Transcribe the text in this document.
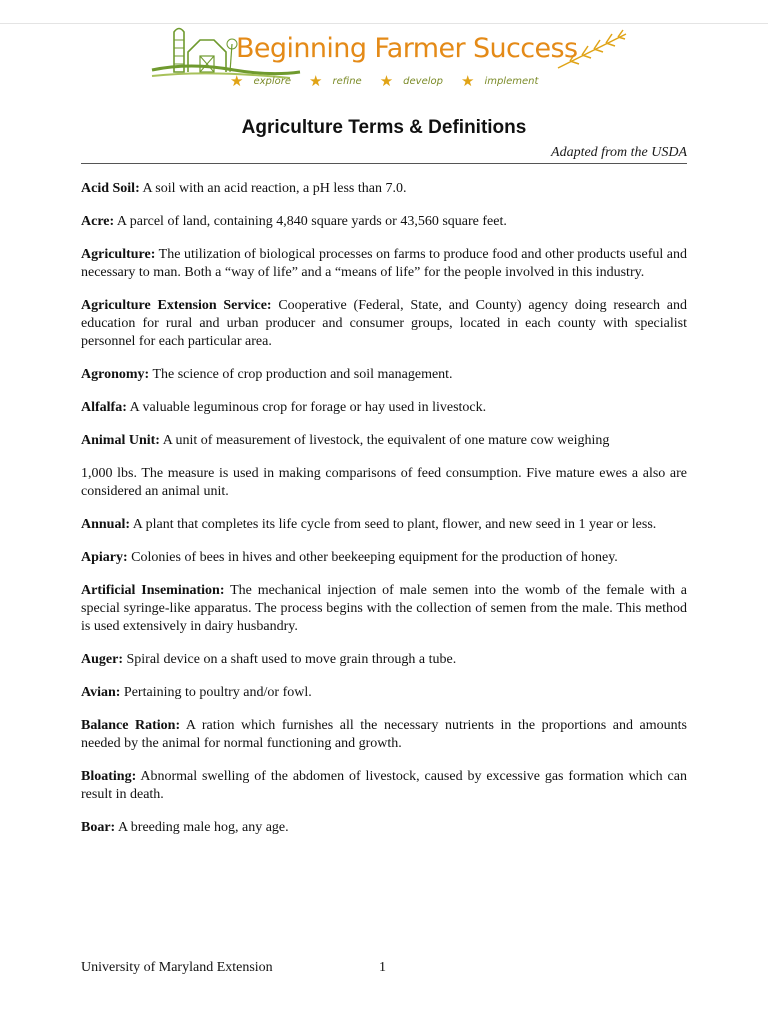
Beginning Farmer Success
★ explore ★ refine ★ develop ★ implement
Agriculture Terms & Definitions
Adapted from the USDA

Acid Soil: A soil with an acid reaction, a pH less than 7.0.

Acre: A parcel of land, containing 4,840 square yards or 43,560 square feet.

Agriculture: The utilization of biological processes on farms to produce food and other products useful and necessary to man. Both a “way of life” and a “means of life” for the people involved in this industry.

Agriculture Extension Service: Cooperative (Federal, State, and County) agency doing research and education for rural and urban producer and consumer groups, located in each county with specialist personnel for each particular area.

Agronomy: The science of crop production and soil management.

Alfalfa: A valuable leguminous crop for forage or hay used in livestock.

Animal Unit: A unit of measurement of livestock, the equivalent of one mature cow weighing

1,000 lbs. The measure is used in making comparisons of feed consumption. Five mature ewes a also are considered an animal unit.

Annual: A plant that completes its life cycle from seed to plant, flower, and new seed in 1 year or less.

Apiary: Colonies of bees in hives and other beekeeping equipment for the production of honey.

Artificial Insemination: The mechanical injection of male semen into the womb of the female with a special syringe-like apparatus. The process begins with the collection of semen from the male. This method is used extensively in dairy husbandry.

Auger: Spiral device on a shaft used to move grain through a tube.

Avian: Pertaining to poultry and/or fowl.

Balance Ration: A ration which furnishes all the necessary nutrients in the proportions and amounts needed by the animal for normal functioning and growth.

Bloating: Abnormal swelling of the abdomen of livestock, caused by excessive gas formation which can result in death.

Boar: A breeding male hog, any age.

University of Maryland Extension	1
